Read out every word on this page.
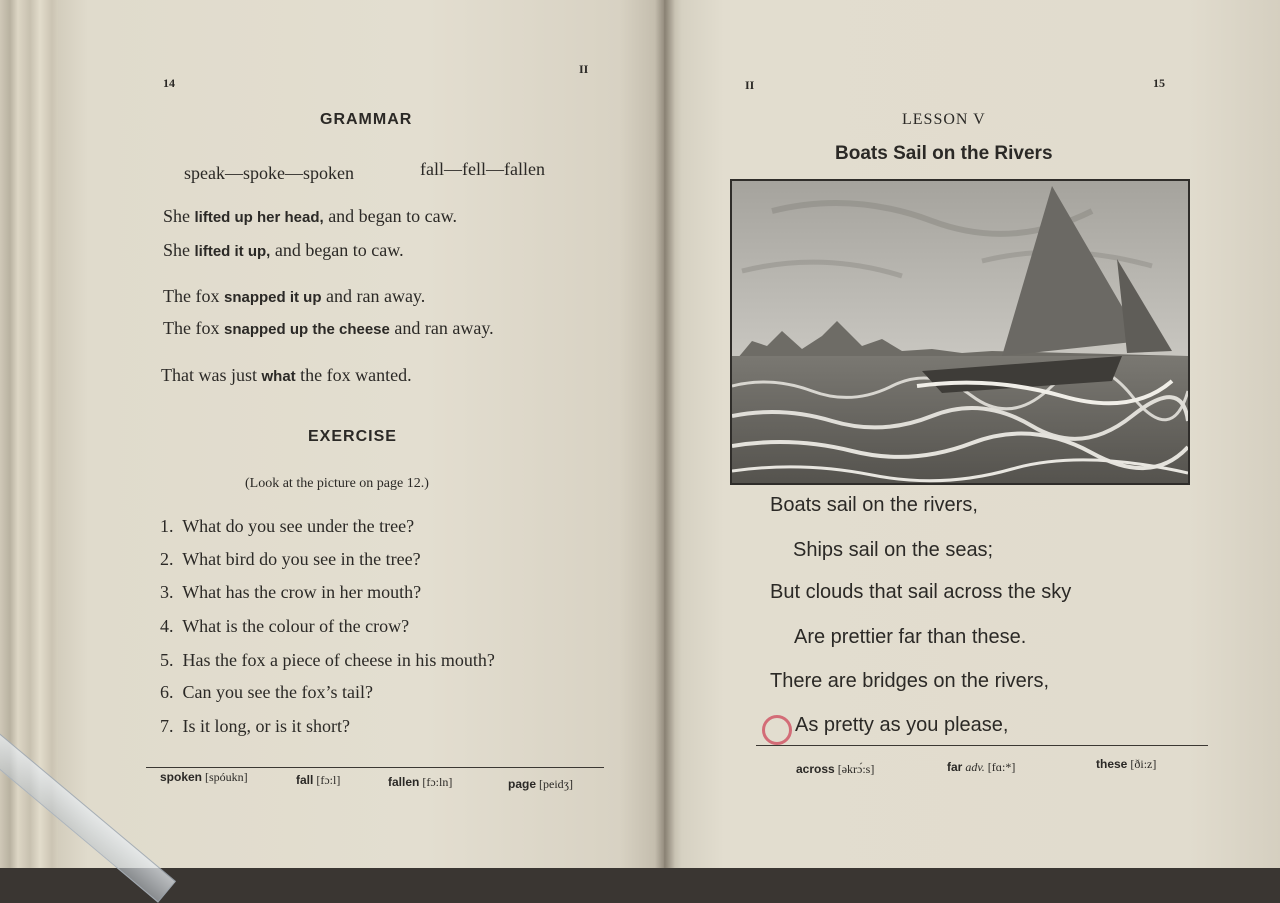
14
II
GRAMMAR
speak—spoke—spoken	fall—fell—fallen
She lifted up her head, and began to caw.
She lifted it up, and began to caw.
The fox snapped it up and ran away.
The fox snapped up the cheese and ran away.
That was just what the fox wanted.
EXERCISE
(Look at the picture on page 12.)
1. What do you see under the tree?
2. What bird do you see in the tree?
3. What has the crow in her mouth?
4. What is the colour of the crow?
5. Has the fox a piece of cheese in his mouth?
6. Can you see the fox’s tail?
7. Is it long, or is it short?
spoken [spóukn]	fall [fɔ:l]	fallen [fɔ:ln]	page [peidʒ]
II	15
LESSON V
Boats Sail on the Rivers
Boats sail on the rivers,
Ships sail on the seas;
But clouds that sail across the sky
Are prettier far than these.
There are bridges on the rivers,
As pretty as you please,
across [əkrɔ́:s]	far adv. [fɑ:*]	these [ði:z]
